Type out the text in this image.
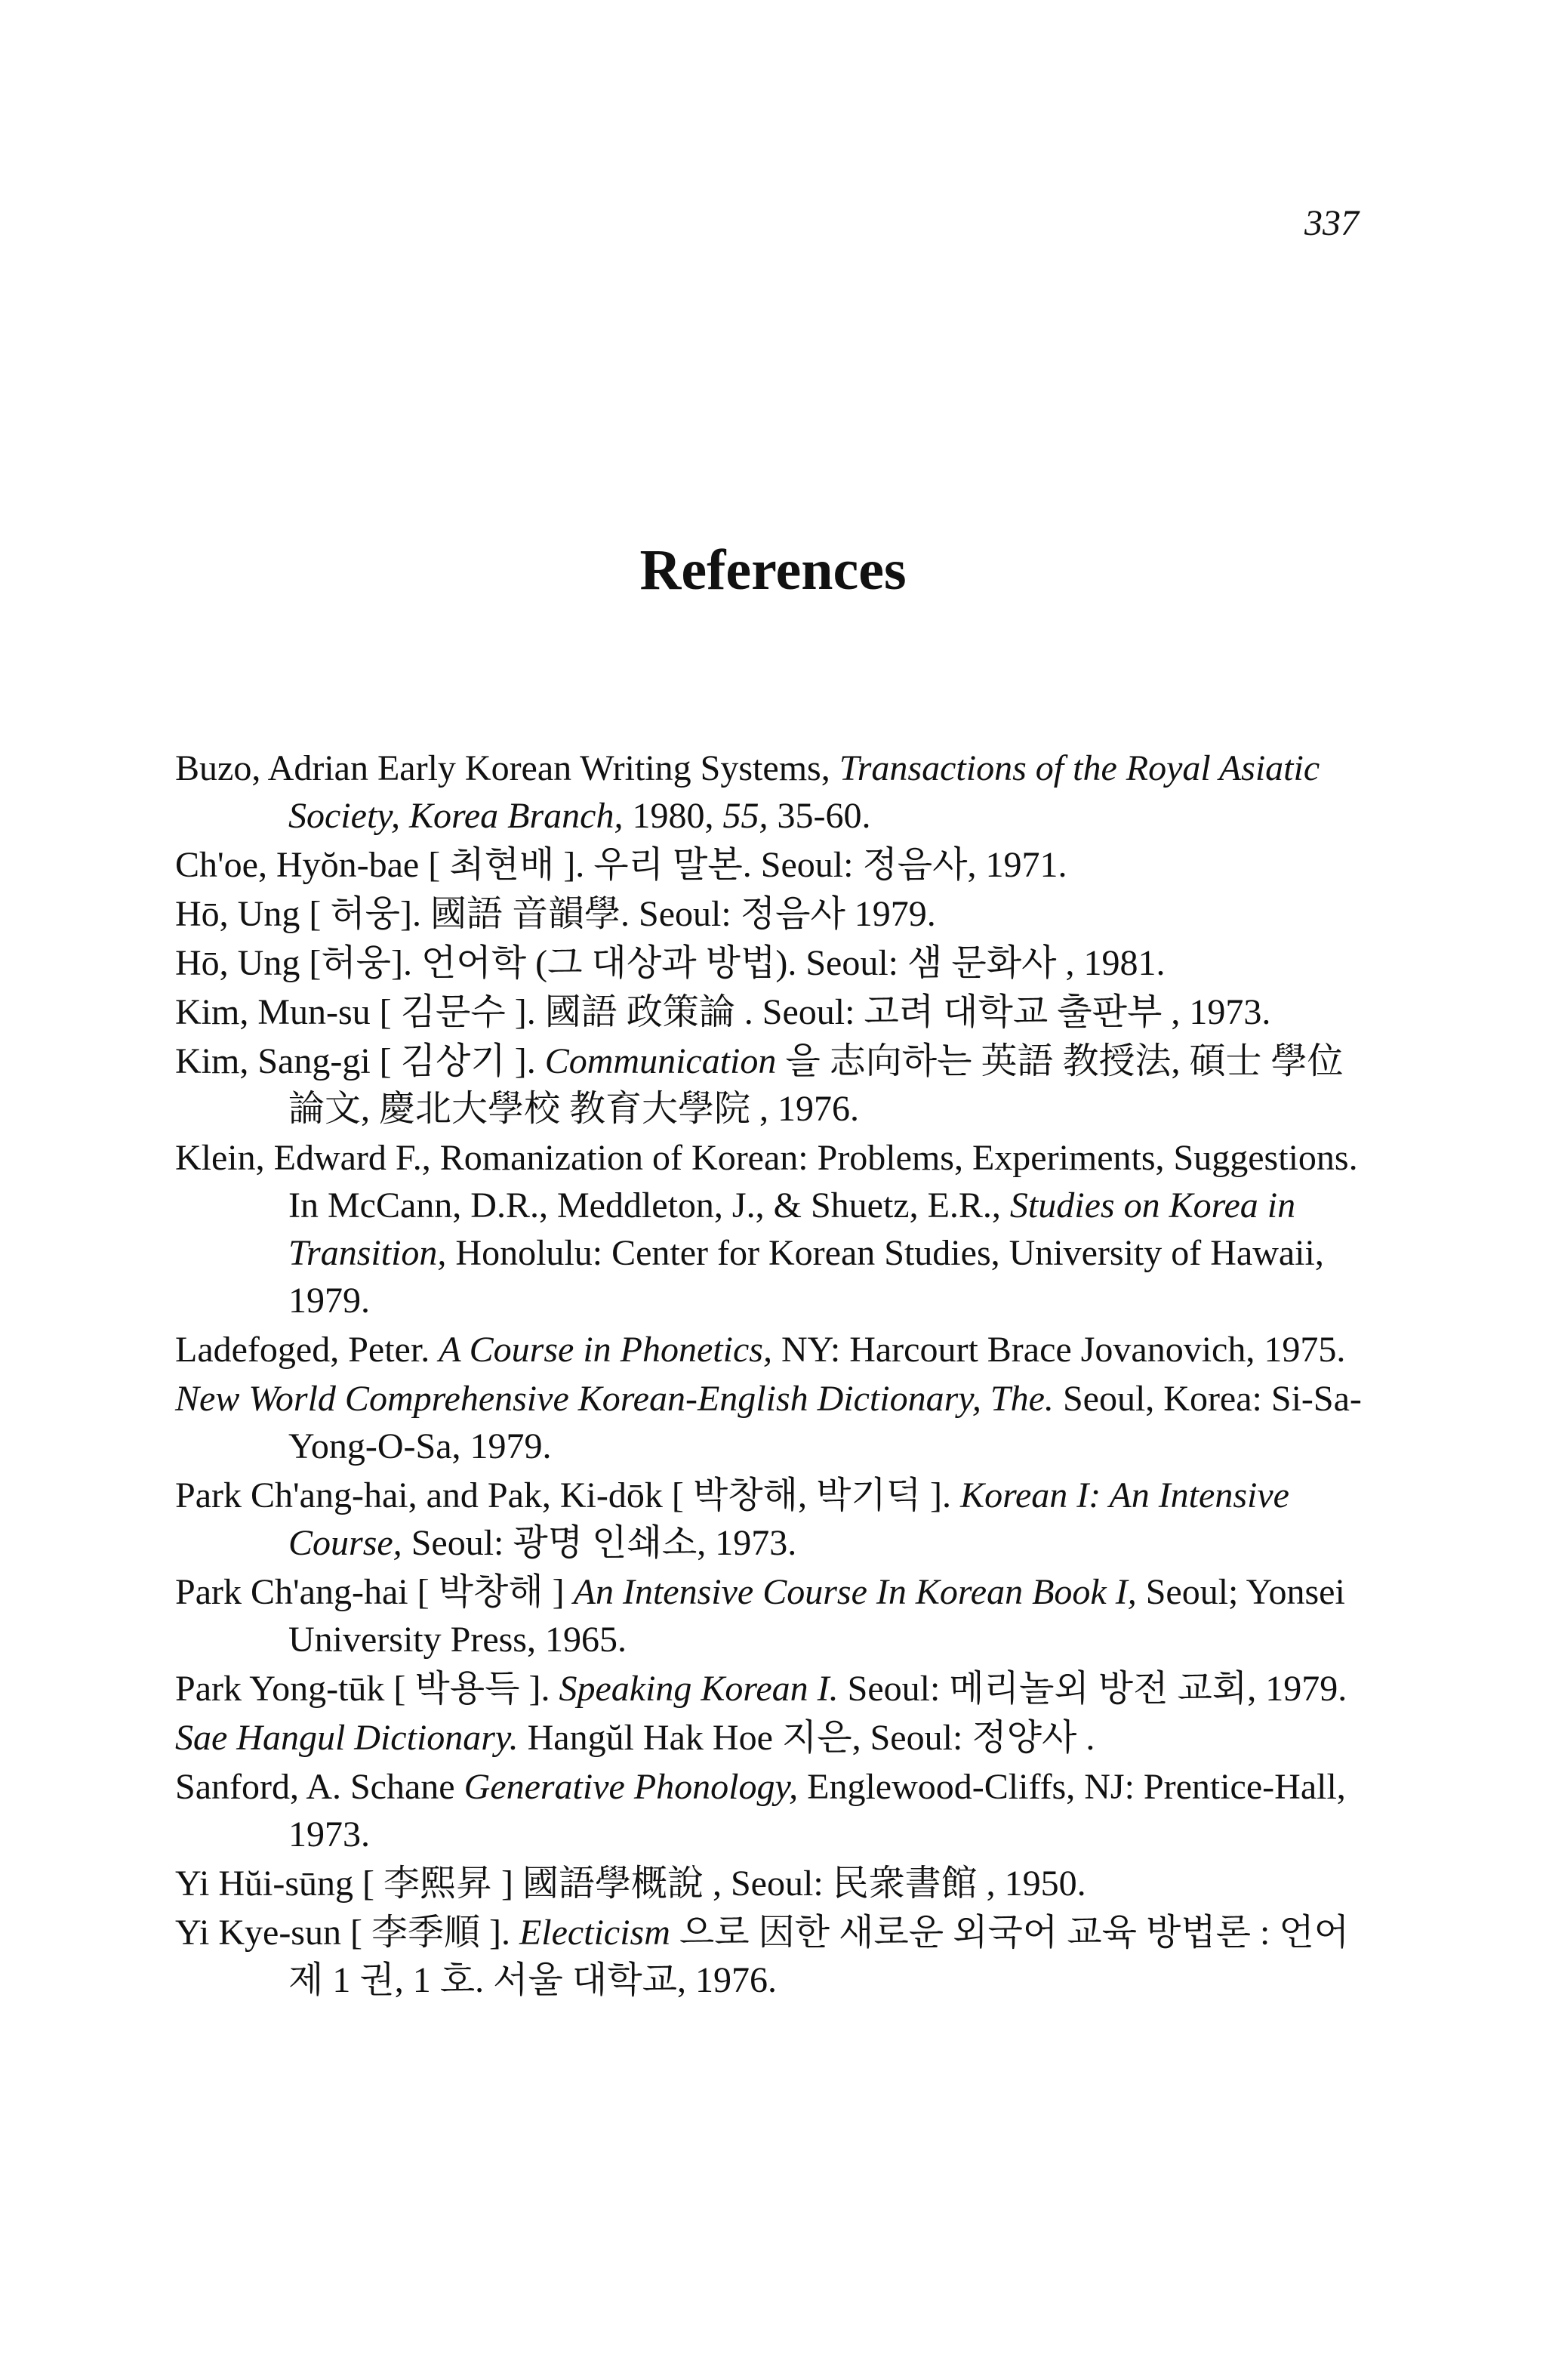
337
References

Buzo, Adrian Early Korean Writing Systems, Transactions of the Royal Asiatic Society, Korea Branch, 1980, 55, 35-60.

Ch'oe, Hyŏn-bae [ 최현배 ]. 우리 말본. Seoul: 정음사, 1971.

Hō, Ung [ 허웅]. 國語 音韻學. Seoul: 정음사 1979.

Hō, Ung [허웅]. 언어학 (그 대상과 방법). Seoul: 샘 문화사 , 1981.

Kim, Mun-su [ 김문수 ]. 國語 政策論 . Seoul: 고려 대학교 출판부 , 1973.

Kim, Sang-gi [ 김상기 ]. Communication 을 志向하는 英語 教授法, 碩士 學位論文, 慶北大學校 教育大學院 , 1976.

Klein, Edward F., Romanization of Korean: Problems, Experiments, Suggestions. In McCann, D.R., Meddleton, J., & Shuetz, E.R., Studies on Korea in Transition, Honolulu: Center for Korean Studies, University of Hawaii, 1979.

Ladefoged, Peter. A Course in Phonetics, NY: Harcourt Brace Jovanovich, 1975.

New World Comprehensive Korean-English Dictionary, The. Seoul, Korea: Si-Sa-Yong-O-Sa, 1979.

Park Ch'ang-hai, and Pak, Ki-dōk [ 박창해, 박기덕 ]. Korean I: An Intensive Course, Seoul: 광명 인쇄소, 1973.

Park Ch'ang-hai [ 박창해 ] An Intensive Course In Korean Book I, Seoul; Yonsei University Press, 1965.

Park Yong-tūk [ 박용득 ]. Speaking Korean I. Seoul: 메리놀외 방전 교회, 1979.

Sae Hangul Dictionary. Hangŭl Hak Hoe 지은, Seoul: 정양사 .

Sanford, A. Schane Generative Phonology, Englewood-Cliffs, NJ: Prentice-Hall, 1973.

Yi Hŭi-sūng [ 李熙昇 ] 國語學概說 , Seoul: 民衆書館 , 1950.

Yi Kye-sun [ 李季順 ]. Electicism 으로 因한 새로운 외국어 교육 방법론 : 언어 제 1 권, 1 호. 서울 대학교, 1976.
